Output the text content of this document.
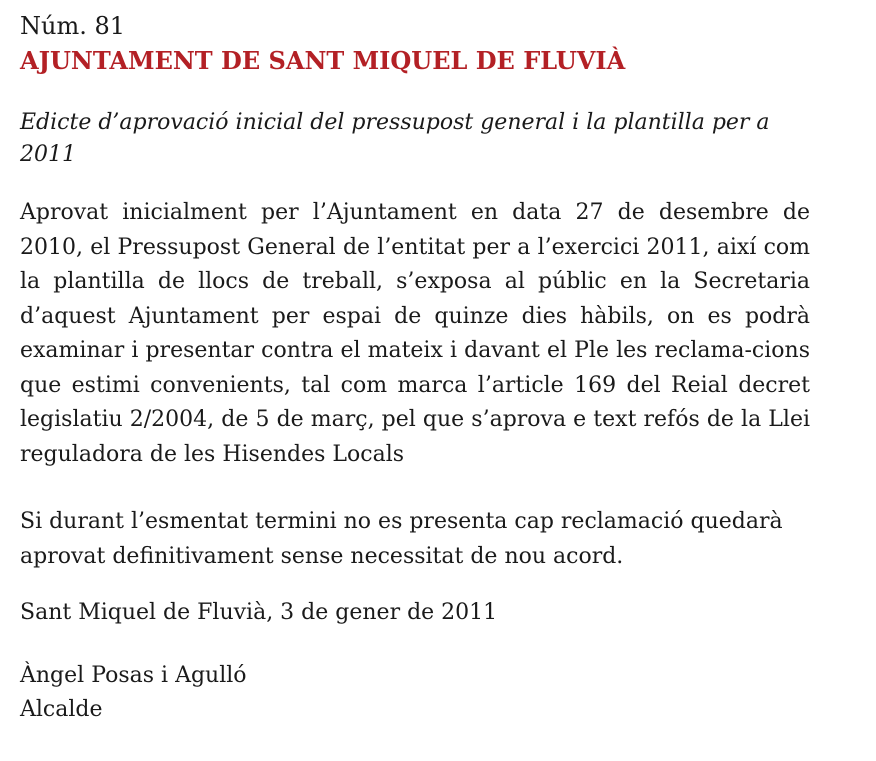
Núm. 81

AJUNTAMENT DE SANT MIQUEL DE FLUVIÀ

Edicte d’aprovació inicial del pressupost general i la plantilla per a 2011

Aprovat inicialment per l’Ajuntament en data 27 de desembre de 2010, el Pressupost General de l’entitat per a l’exercici 2011, així com la plantilla de llocs de treball, s’exposa al públic en la Secretaria d’aquest Ajuntament per espai de quinze dies hàbils, on es podrà examinar i presentar contra el mateix i davant el Ple les reclama-cions que estimi convenients, tal com marca l’article 169 del Reial decret legislatiu 2/2004, de 5 de març, pel que s’aprova e text refós de la Llei reguladora de les Hisendes Locals

Si durant l’esmentat termini no es presenta cap reclamació quedarà aprovat definitivament sense necessitat de nou acord.

Sant Miquel de Fluvià, 3 de gener de 2011

Àngel Posas i Agulló

Alcalde
